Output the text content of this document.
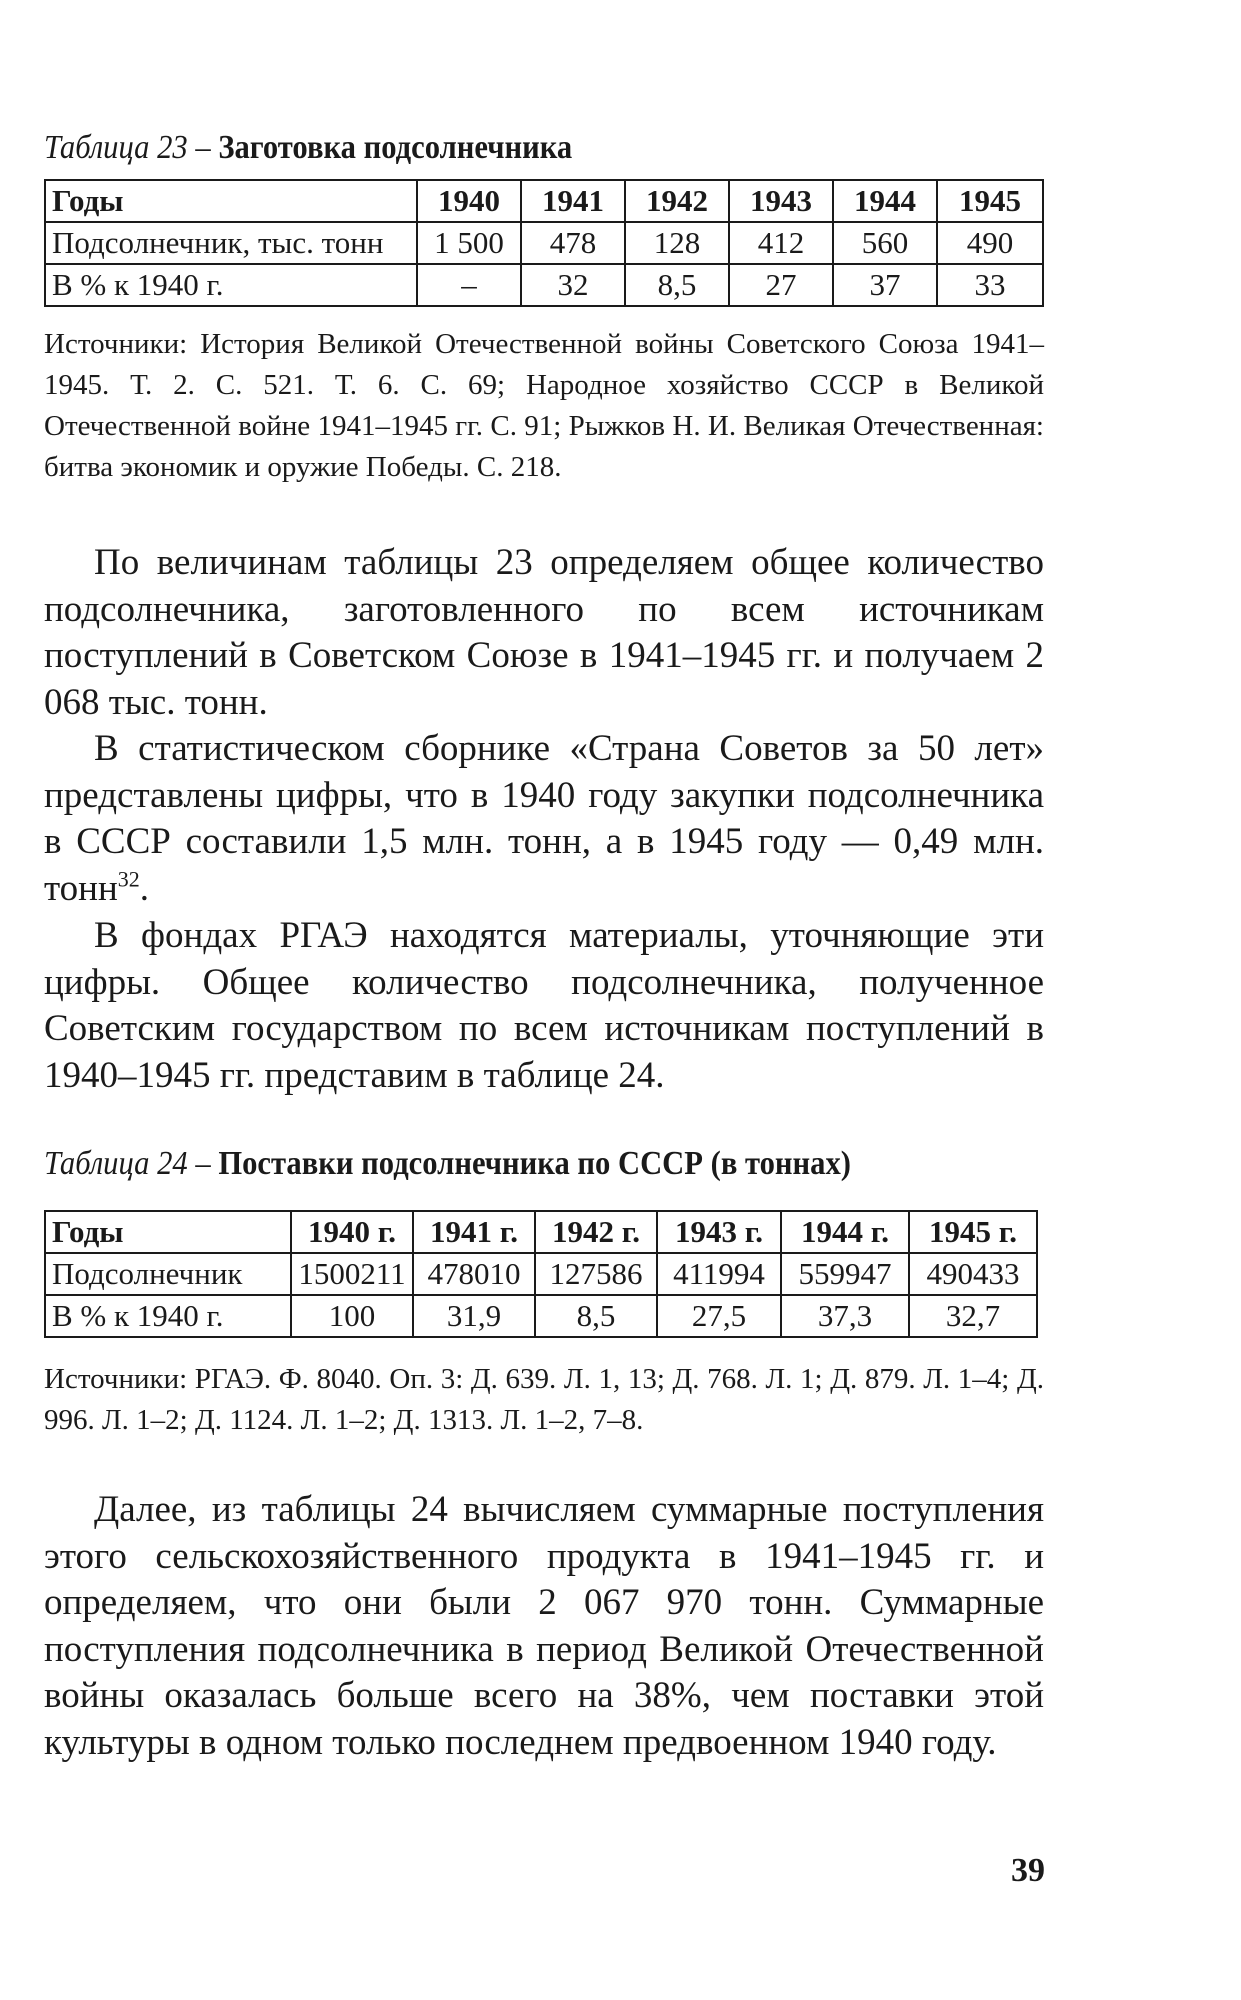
Таблица 23 – Заготовка подсолнечника
Годы	1940	1941	1942	1943	1944	1945
Подсолнечник, тыс. тонн	1 500	478	128	412	560	490
В % к 1940 г.	–	32	8,5	27	37	33
Источники: История Великой Отечественной войны Советского Союза 1941–1945. Т. 2. С. 521. Т. 6. С. 69; Народное хозяйство СССР в Великой Отечественной войне 1941–1945 гг. С. 91; Рыжков Н. И. Великая Отечественная: битва экономик и оружие Победы. С. 218.

По величинам таблицы 23 определяем общее количество подсолнечника, заготовленного по всем источникам поступлений в Советском Союзе в 1941–1945 гг. и получаем 2 068 тыс. тонн.

В статистическом сборнике «Страна Советов за 50 лет» представлены цифры, что в 1940 году закупки подсолнечника в СССР составили 1,5 млн. тонн, а в 1945 году — 0,49 млн. тонн$^{32}$.

В фондах РГАЭ находятся материалы, уточняющие эти цифры. Общее количество подсолнечника, полученное Советским государством по всем источникам поступлений в 1940–1945 гг. представим в таблице 24.

Таблица 24 – Поставки подсолнечника по СССР (в тоннах)
Годы	1940 г.	1941 г.	1942 г.	1943 г.	1944 г.	1945 г.
Подсолнечник	1500211	478010	127586	411994	559947	490433
В % к 1940 г.	100	31,9	8,5	27,5	37,3	32,7
Источники: РГАЭ. Ф. 8040. Оп. 3: Д. 639. Л. 1, 13; Д. 768. Л. 1; Д. 879. Л. 1–4; Д. 996. Л. 1–2; Д. 1124. Л. 1–2; Д. 1313. Л. 1–2, 7–8.

Далее, из таблицы 24 вычисляем суммарные поступления этого сельскохозяйственного продукта в 1941–1945 гг. и определяем, что они были 2 067 970 тонн. Суммарные поступления подсолнечника в период Великой Отечественной войны оказалась больше всего на 38%, чем поставки этой культуры в одном только последнем предвоенном 1940 году.

39
